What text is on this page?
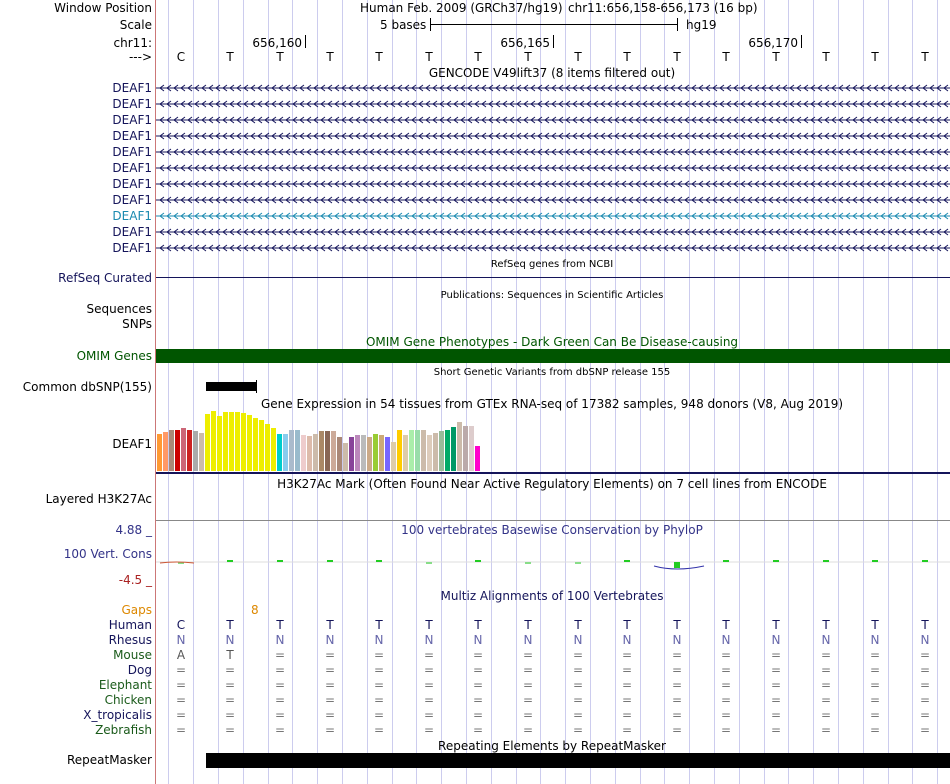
Window Position	Human Feb. 2009 (GRCh37/hg19) chr11:656,158-656,173 (16 bp)
Scale	5 bases	hg19
chr11:	656,160	656,165	656,170
--->	C	T	T	T	T	T	T	T	T	T	T	T	T	T	T	T
GENCODE V49lift37 (8 items filtered out)
DEAF1
DEAF1
DEAF1
DEAF1
DEAF1
DEAF1
DEAF1
DEAF1
DEAF1
DEAF1
DEAF1
RefSeq genes from NCBI
RefSeq Curated
Publications: Sequences in Scientific Articles
Sequences
SNPs
OMIM Gene Phenotypes - Dark Green Can Be Disease-causing
OMIM Genes
Short Genetic Variants from dbSNP release 155
Common dbSNP(155)
Gene Expression in 54 tissues from GTEx RNA-seq of 17382 samples, 948 donors (V8, Aug 2019)
DEAF1
H3K27Ac Mark (Often Found Near Active Regulatory Elements) on 7 cell lines from ENCODE
Layered H3K27Ac
100 vertebrates Basewise Conservation by PhyloP
4.88 _
100 Vert. Cons
-4.5 _
Multiz Alignments of 100 Vertebrates
Gaps	8
Human	C	T	T	T	T	T	T	T	T	T	T	T	T	T	T	T
Rhesus	N	N	N	N	N	N	N	N	N	N	N	N	N	N	N	N
Mouse	A	T	=	=	=	=	=	=	=	=	=	=	=	=	=	=
Dog	=	=	=	=	=	=	=	=	=	=	=	=	=	=	=	=
Elephant	=	=	=	=	=	=	=	=	=	=	=	=	=	=	=	=
Chicken	=	=	=	=	=	=	=	=	=	=	=	=	=	=	=	=
X_tropicalis	=	=	=	=	=	=	=	=	=	=	=	=	=	=	=	=
Zebrafish	=	=	=	=	=	=	=	=	=	=	=	=	=	=	=	=
Repeating Elements by RepeatMasker
RepeatMasker
